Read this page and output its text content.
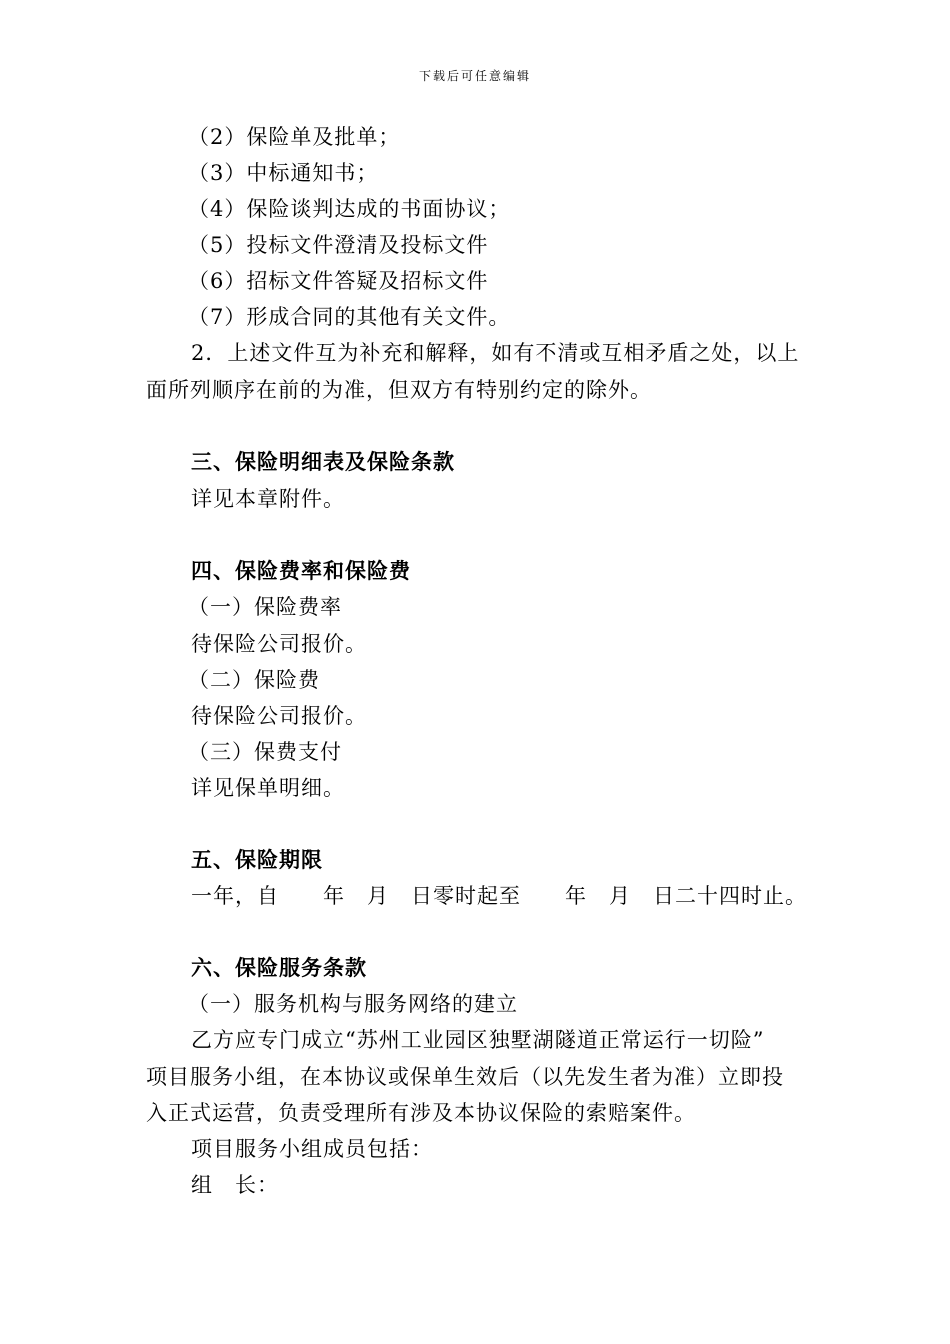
下载后可任意编辑
（2）保险单及批单；
（3）中标通知书；
（4）保险谈判达成的书面协议；
（5）投标文件澄清及投标文件
（6）招标文件答疑及招标文件
（7）形成合同的其他有关文件。
2．上述文件互为补充和解释，如有不清或互相矛盾之处，以上
面所列顺序在前的为准，但双方有特别约定的除外。
三、保险明细表及保险条款
详见本章附件。
四、保险费率和保险费
（一）保险费率
待保险公司报价。
（二）保险费
待保险公司报价。
（三）保费支付
详见保单明细。
五、保险期限
一年，自　　年　月　日零时起至　　年　月　日二十四时止。
六、保险服务条款
（一）服务机构与服务网络的建立
乙方应专门成立“苏州工业园区独墅湖隧道正常运行一切险”
项目服务小组，在本协议或保单生效后（以先发生者为准）立即投
入正式运营，负责受理所有涉及本协议保险的索赔案件。
项目服务小组成员包括：
组　长：
